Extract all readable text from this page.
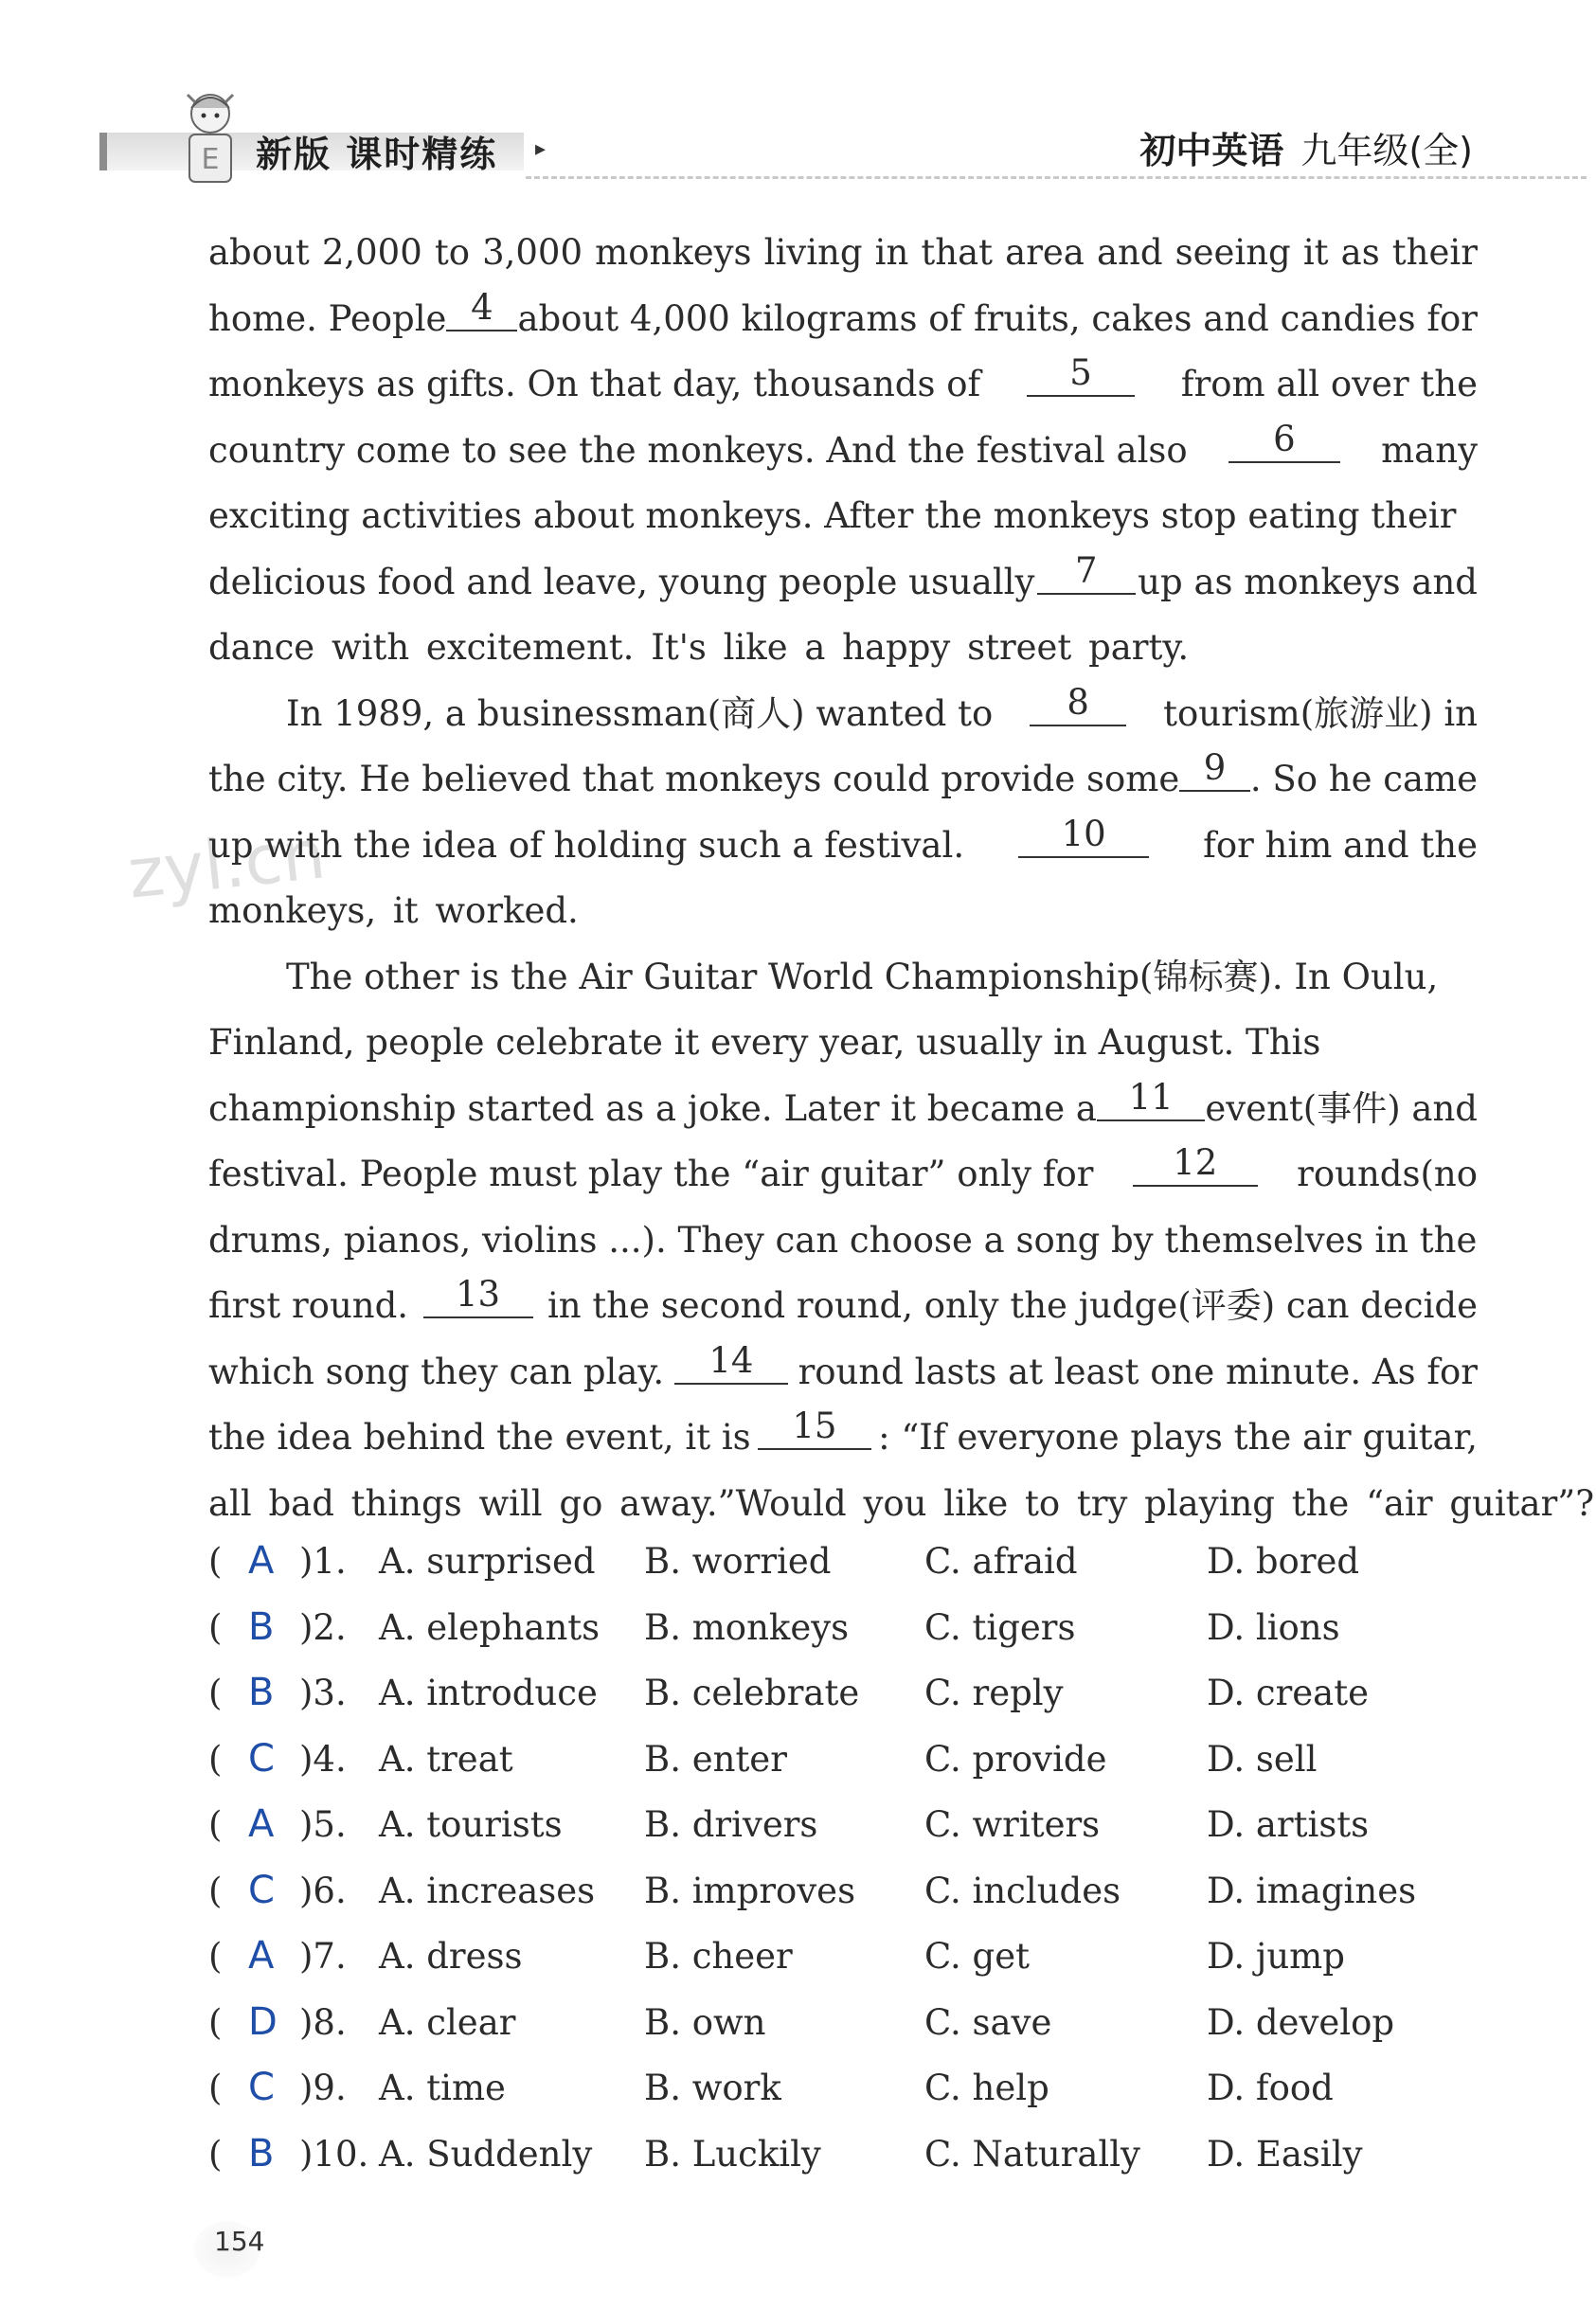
E 新版 课时精练 ▸	初中英语 九年级(全)
zyl.cn
about 2,000 to 3,000 monkeys living in that area and seeing it as their
home. People 4 about 4,000 kilograms of fruits, cakes and candies for
monkeys as gifts. On that day, thousands of	5	from all over the
country come to see the monkeys. And the festival also	6	many
exciting activities about monkeys. After the monkeys stop eating their
delicious food and leave, young people usually	7	up as monkeys and
dance with excitement. It's like a happy street party.
In 1989, a businessman(商人) wanted to	8	tourism(旅游业) in
the city. He believed that monkeys could provide some 9 . So he came
up with the idea of holding such a festival.	10	for him and the
monkeys, it worked.
The other is the Air Guitar World Championship(锦标赛). In Oulu,
Finland, people celebrate it every year, usually in August. This
championship started as a joke. Later it became a 11 event(事件) and
festival. People must play the “air guitar” only for	12	rounds(no
drums, pianos, violins ...). They can choose a song by themselves in the
first round.	13	in the second round, only the judge(评委) can decide
which song they can play.	14	round lasts at least one minute. As for
the idea behind the event, it is	15	: “If everyone plays the air guitar,
all bad things will go away.”Would you like to try playing the “air guitar”?
( A )1. A. surprised B. worried	C. afraid	D. bored
( B )2. A. elephants B. monkeys C. tigers	D. lions
( B )3. A. introduce B. celebrate C. reply	D. create
( C )4. A. treat	B. enter	C. provide	D. sell
( A )5. A. tourists B. drivers	C. writers	D. artists
( C )6. A. increases B. improves C. includes D. imagines
( A )7. A. dress	B. cheer	C. get	D. jump
( D )8. A. clear	B. own	C. save	D. develop
( C )9. A. time	B. work	C. help	D. food
( B )10. A. Suddenly B. Luckily	C. Naturally D. Easily
154
